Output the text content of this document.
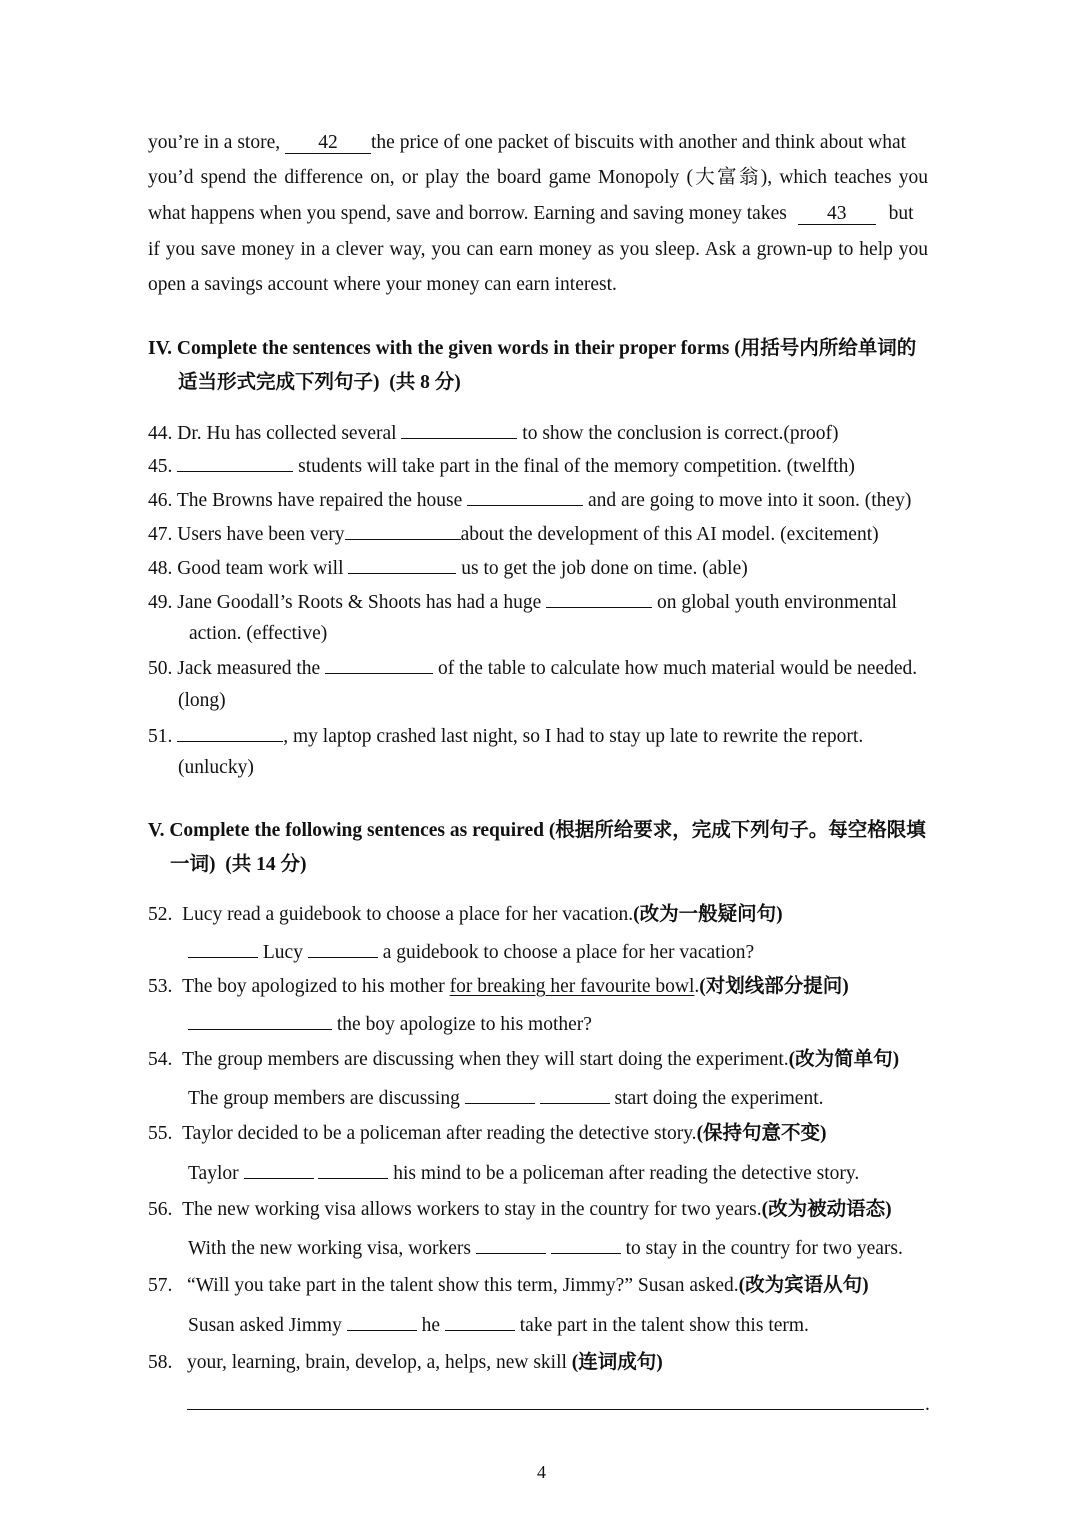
you’re in a store, 42 the price of one packet of biscuits with another and think about what
you’d spend the difference on, or play the board game Monopoly (大富翁), which teaches you
what happens when you spend, save and borrow. Earning and saving money takes 43 but
if you save money in a clever way, you can earn money as you sleep. Ask a grown-up to help you
open a savings account where your money can earn interest.
IV. Complete the sentences with the given words in their proper forms (用括号内所给单词的
适当形式完成下列句子)  (共 8 分)
44. Dr. Hu has collected several	to show the conclusion is correct.(proof)
45.	students will take part in the final of the memory competition. (twelfth)
46. The Browns have repaired the house	and are going to move into it soon. (they)
47. Users have been very	about the development of this AI model. (excitement)
48. Good team work will	us to get the job done on time. (able)
49. Jane Goodall’s Roots & Shoots has had a huge	on global youth environmental
action. (effective)
50. Jack measured the	of the table to calculate how much material would be needed.
(long)
51.	, my laptop crashed last night, so I had to stay up late to rewrite the report.
(unlucky)
V. Complete the following sentences as required (根据所给要求，完成下列句子。每空格限填
一词)  (共 14 分)
52.  Lucy read a guidebook to choose a place for her vacation.(改为一般疑问句)
Lucy	a guidebook to choose a place for her vacation?
53.  The boy apologized to his mother for breaking her favourite bowl.(对划线部分提问)
the boy apologize to his mother?
54.  The group members are discussing when they will start doing the experiment.(改为简单句)
The group members are discussing	start doing the experiment.
55.  Taylor decided to be a policeman after reading the detective story.(保持句意不变)
Taylor	his mind to be a policeman after reading the detective story.
56.  The new working visa allows workers to stay in the country for two years.(改为被动语态)
With the new working visa, workers	to stay in the country for two years.
57.   “Will you take part in the talent show this term, Jimmy?” Susan asked.(改为宾语从句)
Susan asked Jimmy	he	take part in the talent show this term.
58.   your, learning, brain, develop, a, helps, new skill (连词成句)
.
4
